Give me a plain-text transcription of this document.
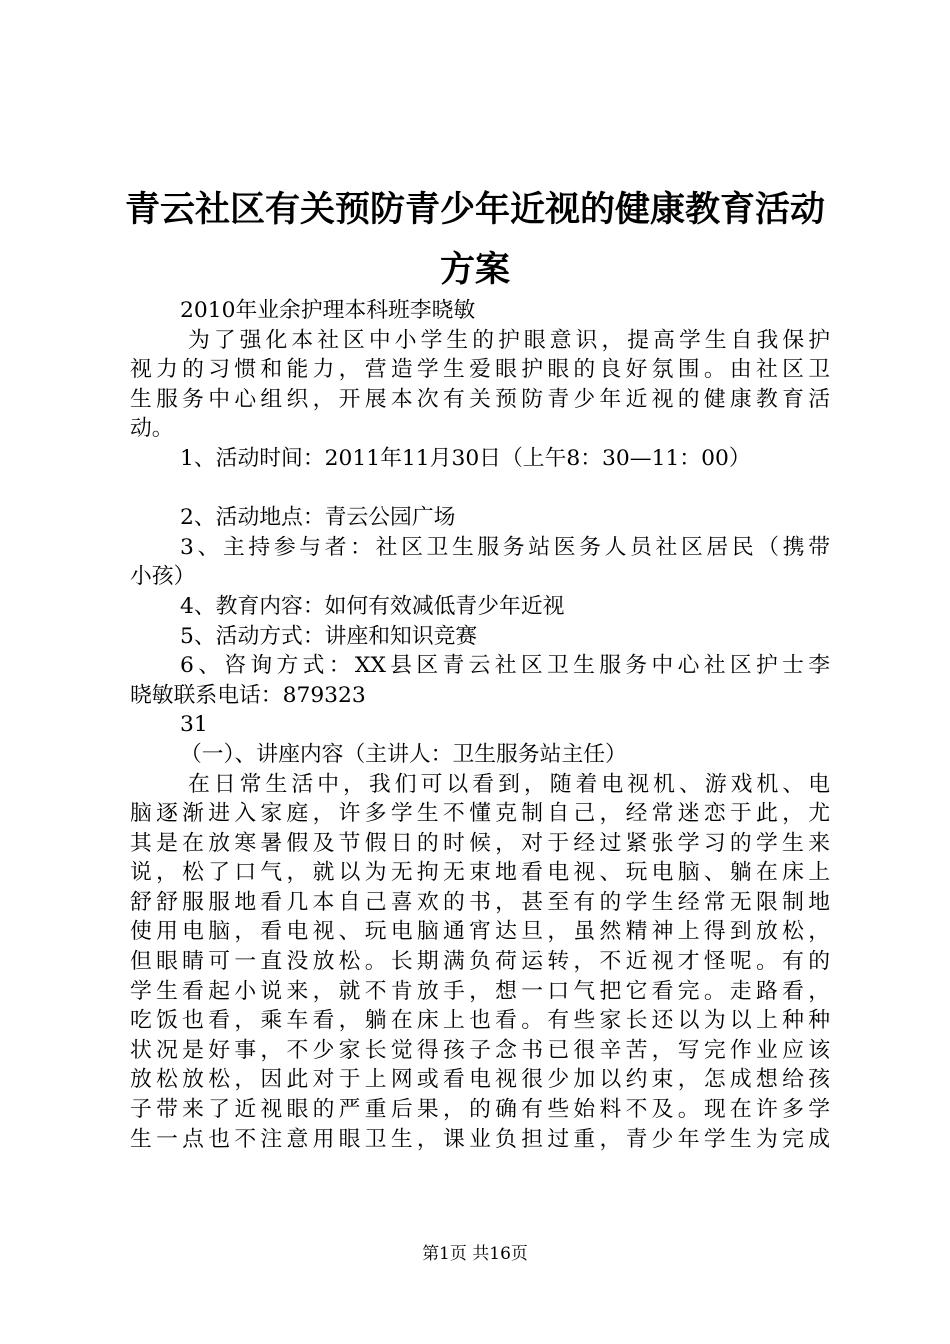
青云社区有关预防青少年近视的健康教育活动
方案

2010年业余护理本科班李晓敏

为了强化本社区中小学生的护眼意识，提高学生自我保护

视力的习惯和能力，营造学生爱眼护眼的良好氛围。由社区卫

生服务中心组织，开展本次有关预防青少年近视的健康教育活

动。

1、活动时间：2011年11月30日（上午8：30—11：00）

2、活动地点：青云公园广场

3、主持参与者：社区卫生服务站医务人员社区居民（携带

小孩）

4、教育内容：如何有效减低青少年近视

5、活动方式：讲座和知识竞赛

6、咨询方式：XX县区青云社区卫生服务中心社区护士李

晓敏联系电话：879323

31

（一）、讲座内容（主讲人：卫生服务站主任）

在日常生活中，我们可以看到，随着电视机、游戏机、电

脑逐渐进入家庭，许多学生不懂克制自己，经常迷恋于此，尤

其是在放寒暑假及节假日的时候，对于经过紧张学习的学生来

说，松了口气，就以为无拘无束地看电视、玩电脑、躺在床上

舒舒服服地看几本自己喜欢的书，甚至有的学生经常无限制地

使用电脑，看电视、玩电脑通宵达旦，虽然精神上得到放松，

但眼睛可一直没放松。长期满负荷运转，不近视才怪呢。有的

学生看起小说来，就不肯放手，想一口气把它看完。走路看，

吃饭也看，乘车看，躺在床上也看。有些家长还以为以上种种

状况是好事，不少家长觉得孩子念书已很辛苦，写完作业应该

放松放松，因此对于上网或看电视很少加以约束，怎成想给孩

子带来了近视眼的严重后果，的确有些始料不及。现在许多学

生一点也不注意用眼卫生，课业负担过重，青少年学生为完成

第1页 共16页
